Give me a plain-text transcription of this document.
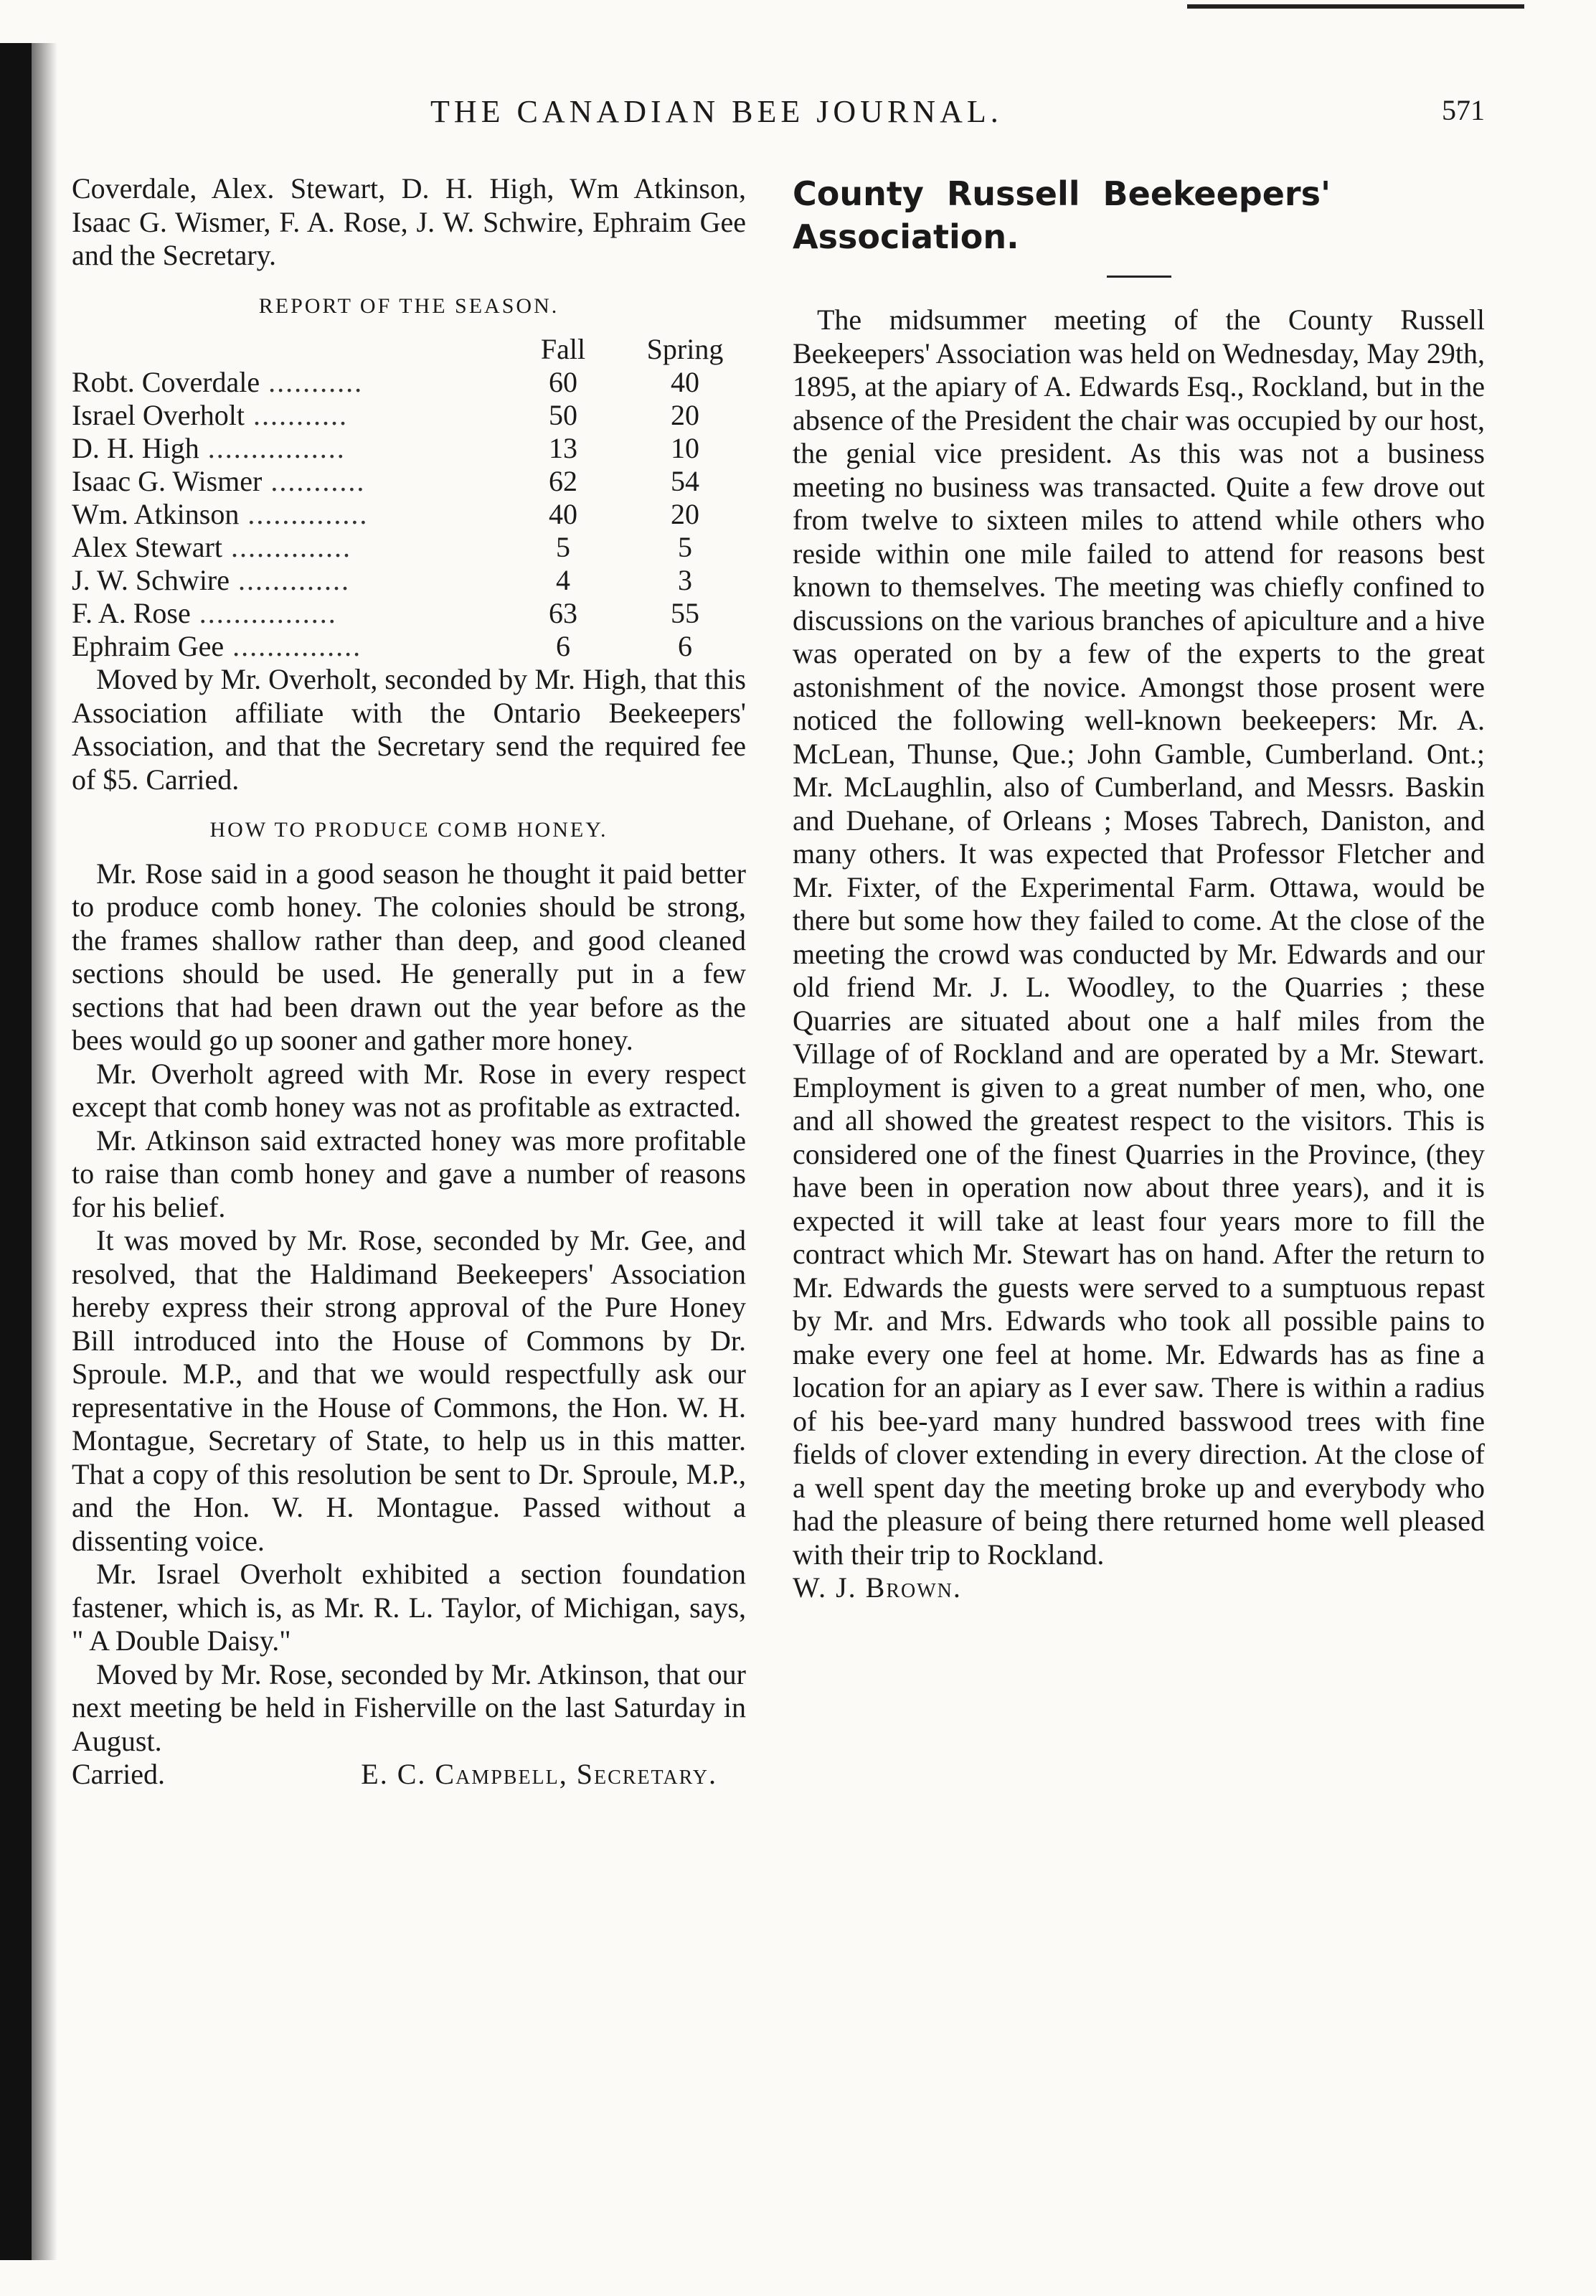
THE CANADIAN BEE JOURNAL.	571

Coverdale, Alex. Stewart, D. H. High, Wm Atkinson, Isaac G. Wismer, F. A. Rose, J. W. Schwire, Ephraim Gee and the Secretary.

REPORT OF THE SEASON.
	Fall	Spring
Robt. Coverdale ...........	60	40
Israel Overholt ...........	50	20
D. H. High ................	13	10
Isaac G. Wismer ...........	62	54
Wm. Atkinson ..............	40	20
Alex Stewart ..............	5	5
J. W. Schwire .............	4	3
F. A. Rose ................	63	55
Ephraim Gee ...............	6	6

Moved by Mr. Overholt, seconded by Mr. High, that this Association affiliate with the Ontario Beekeepers' Association, and that the Secretary send the required fee of $5. Carried.

HOW TO PRODUCE COMB HONEY.

Mr. Rose said in a good season he thought it paid better to produce comb honey. The colonies should be strong, the frames shallow rather than deep, and good cleaned sections should be used. He generally put in a few sections that had been drawn out the year before as the bees would go up sooner and gather more honey.

Mr. Overholt agreed with Mr. Rose in every respect except that comb honey was not as profitable as extracted.

Mr. Atkinson said extracted honey was more profitable to raise than comb honey and gave a number of reasons for his belief.

It was moved by Mr. Rose, seconded by Mr. Gee, and resolved, that the Haldimand Beekeepers' Association hereby express their strong approval of the Pure Honey Bill introduced into the House of Commons by Dr. Sproule. M.P., and that we would respectfully ask our representative in the House of Commons, the Hon. W. H. Montague, Secretary of State, to help us in this matter. That a copy of this resolution be sent to Dr. Sproule, M.P., and the Hon. W. H. Montague. Passed without a dissenting voice.

Mr. Israel Overholt exhibited a section foundation fastener, which is, as Mr. R. L. Taylor, of Michigan, says, " A Double Daisy."

Moved by Mr. Rose, seconded by Mr. Atkinson, that our next meeting be held in Fisherville on the last Saturday in August.

Carried.	E. C. Campbell, Secretary.

County  Russell  Beekeepers'

Association.

The midsummer meeting of the County Russell Beekeepers' Association was held on Wednesday, May 29th, 1895, at the apiary of A. Edwards Esq., Rockland, but in the absence of the President the chair was occupied by our host, the genial vice president. As this was not a business meeting no business was transacted. Quite a few drove out from twelve to sixteen miles to attend while others who reside within one mile failed to attend for reasons best known to themselves. The meeting was chiefly confined to discussions on the various branches of apiculture and a hive was operated on by a few of the experts to the great astonishment of the novice. Amongst those prosent were noticed the following well-known beekeepers: Mr. A. McLean, Thunse, Que.; John Gamble, Cumberland. Ont.; Mr. McLaughlin, also of Cumberland, and Messrs. Baskin and Duehane, of Orleans ; Moses Tabrech, Daniston, and many others. It was expected that Professor Fletcher and Mr. Fixter, of the Experimental Farm. Ottawa, would be there but some how they failed to come. At the close of the meeting the crowd was conducted by Mr. Edwards and our old friend Mr. J. L. Woodley, to the Quarries ; these Quarries are situated about one a half miles from the Village of of Rockland and are operated by a Mr. Stewart. Employment is given to a great number of men, who, one and all showed the greatest respect to the visitors. This is considered one of the finest Quarries in the Province, (they have been in operation now about three years), and it is expected it will take at least four years more to fill the contract which Mr. Stewart has on hand. After the return to Mr. Edwards the guests were served to a sumptuous repast by Mr. and Mrs. Edwards who took all possible pains to make every one feel at home. Mr. Edwards has as fine a location for an apiary as I ever saw. There is within a radius of his bee-yard many hundred basswood trees with fine fields of clover extending in every direction. At the close of a well spent day the meeting broke up and everybody who had the pleasure of being there returned home well pleased with their trip to Rockland.

W. J. Brown.
